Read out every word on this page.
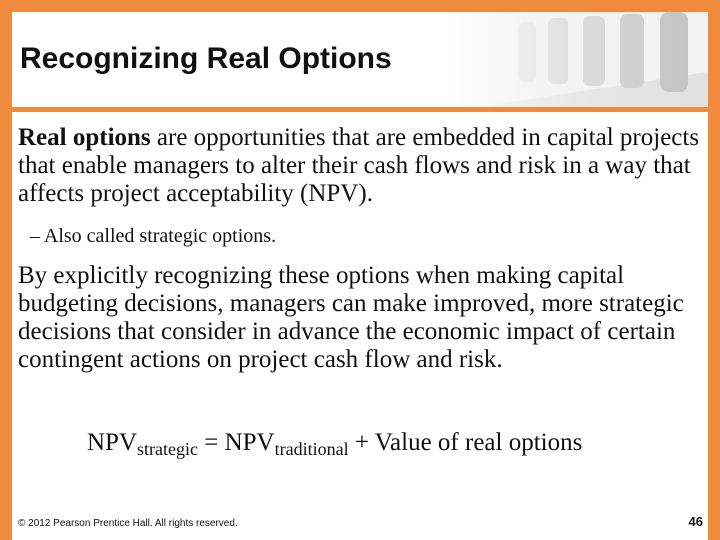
Recognizing Real Options
Real options are opportunities that are embedded in capital projects that enable managers to alter their cash flows and risk in a way that affects project acceptability (NPV).
– Also called strategic options.
By explicitly recognizing these options when making capital budgeting decisions, managers can make improved, more strategic decisions that consider in advance the economic impact of certain contingent actions on project cash flow and risk.
$NPV_{strategic} = NPV_{traditional}$ + Value of real options
© 2012 Pearson Prentice Hall. All rights reserved.	46
